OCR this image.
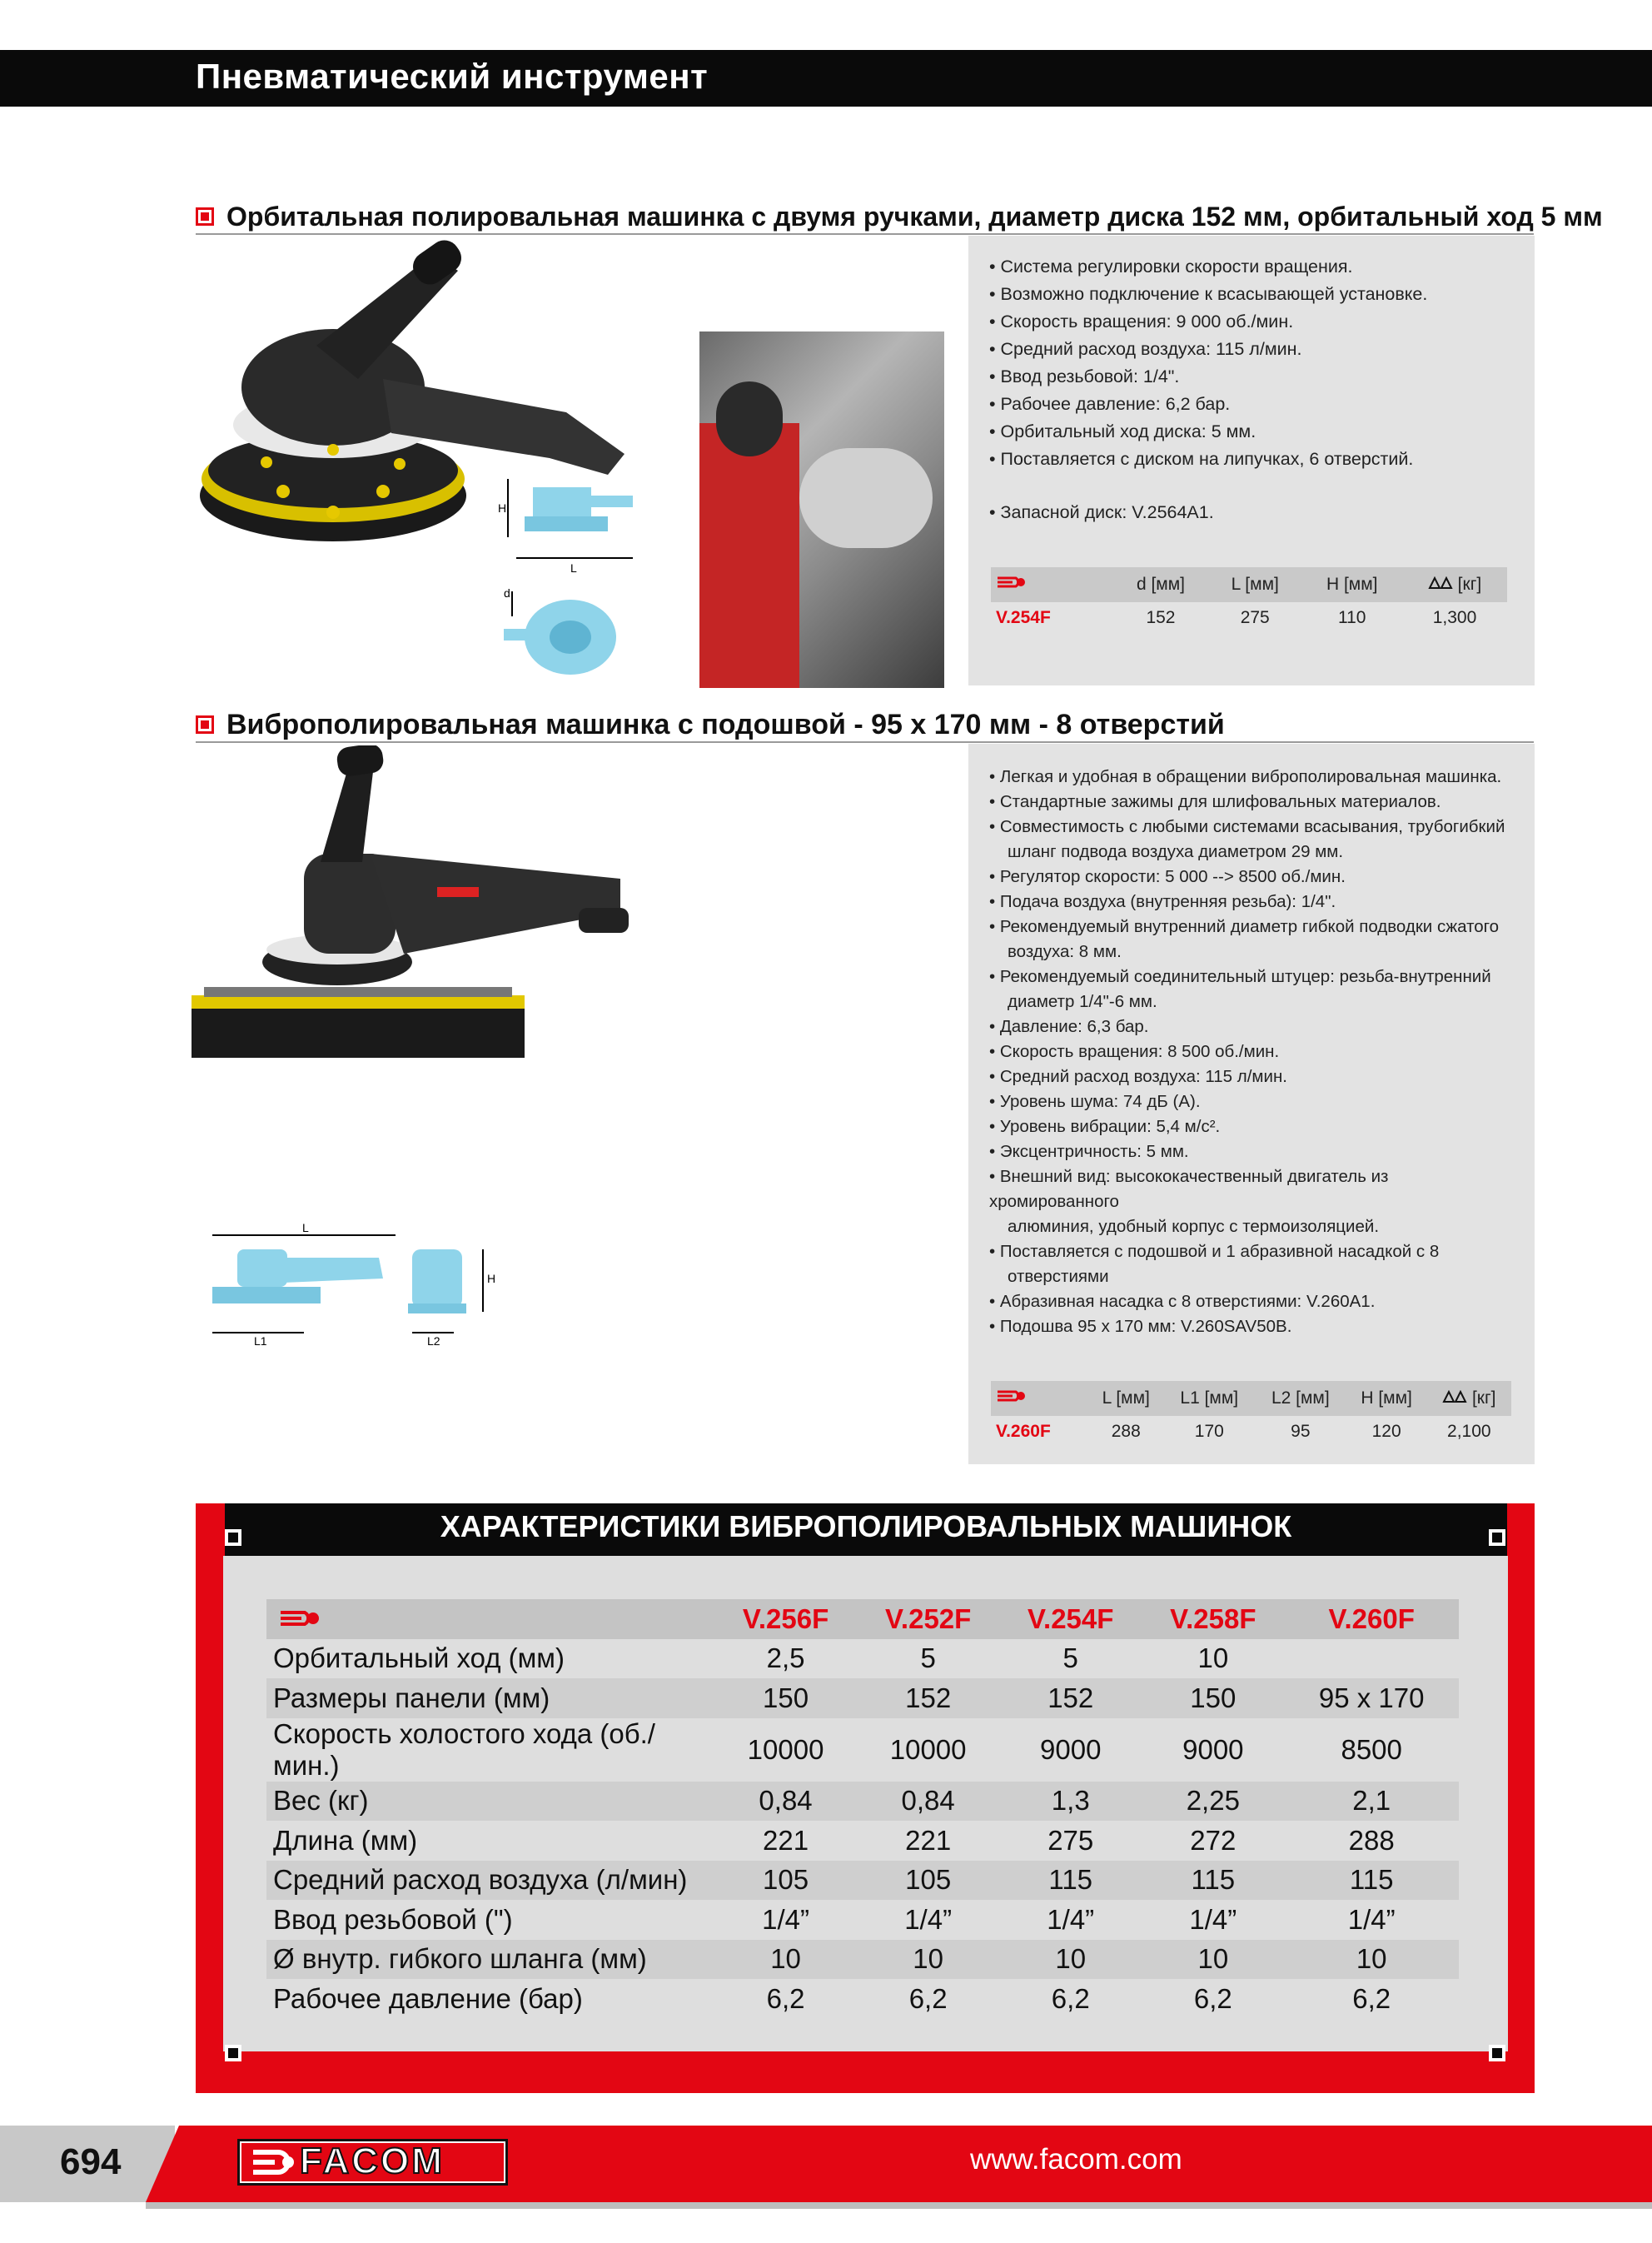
Пневматический инструмент
Орбитальная полировальная машинка с двумя ручками, диаметр диска 152 мм, орбитальный ход 5 мм
H
L
d
• Система регулировки скорости вращения.
• Возможно подключение к всасывающей установке.
• Скорость вращения: 9 000 об./мин.
• Средний расход воздуха: 115 л/мин.
• Ввод резьбовой: 1/4".
• Рабочее давление: 6,2 бар.
• Орбитальный ход диска: 5 мм.
• Поставляется с диском на липучках, 6 отверстий.
• Запасной диск: V.2564A1.
	d [мм]	L [мм]	H [мм]	[кг]
V.254F	152	275	110	1,300
Виброполировальная машинка с подошвой - 95 x 170 мм - 8 отверстий
L
L1	L2
H
• Легкая и удобная в обращении виброполировальная машинка.
• Стандартные зажимы для шлифовальных материалов.
• Совместимость с любыми системами всасывания, трубогибкий
шланг подвода воздуха диаметром 29 мм.
• Регулятор скорости: 5 000 --> 8500 об./мин.
• Подача воздуха (внутренняя резьба): 1/4".
• Рекомендуемый внутренний диаметр гибкой подводки сжатого
воздуха: 8 мм.
• Рекомендуемый соединительный штуцер: резьба-внутренний
диаметр 1/4"-6 мм.
• Давление: 6,3 бар.
• Скорость вращения: 8 500 об./мин.
• Средний расход воздуха: 115 л/мин.
• Уровень шума: 74 дБ (А).
• Уровень вибрации: 5,4 м/с².
• Эксцентричность: 5 мм.
• Внешний вид: высококачественный двигатель из хромированного
алюминия, удобный корпус с термоизоляцией.
• Поставляется с подошвой и 1 абразивной насадкой с 8
отверстиями
• Абразивная насадка с 8 отверстиями: V.260A1.
• Подошва 95 x 170 мм: V.260SAV50B.
	L [мм]	L1 [мм]	L2 [мм]	H [мм]	[кг]
V.260F	288	170	95	120	2,100
ХАРАКТЕРИСТИКИ ВИБРОПОЛИРОВАЛЬНЫХ МАШИНОК
	V.256F	V.252F	V.254F	V.258F	V.260F
Орбитальный ход (мм)	2,5	5	5	10	
Размеры панели (мм)	150	152	152	150	95 x 170
Скорость холостого хода (об./мин.)	10000	10000	9000	9000	8500
Вес (кг)	0,84	0,84	1,3	2,25	2,1
Длина (мм)	221	221	275	272	288
Средний расход воздуха (л/мин)	105	105	115	115	115
Ввод резьбовой (")	1/4”	1/4”	1/4”	1/4”	1/4”
Ø внутр. гибкого шланга (мм)	10	10	10	10	10
Рабочее давление (бар)	6,2	6,2	6,2	6,2	6,2
694	FACOM	www.facom.com
